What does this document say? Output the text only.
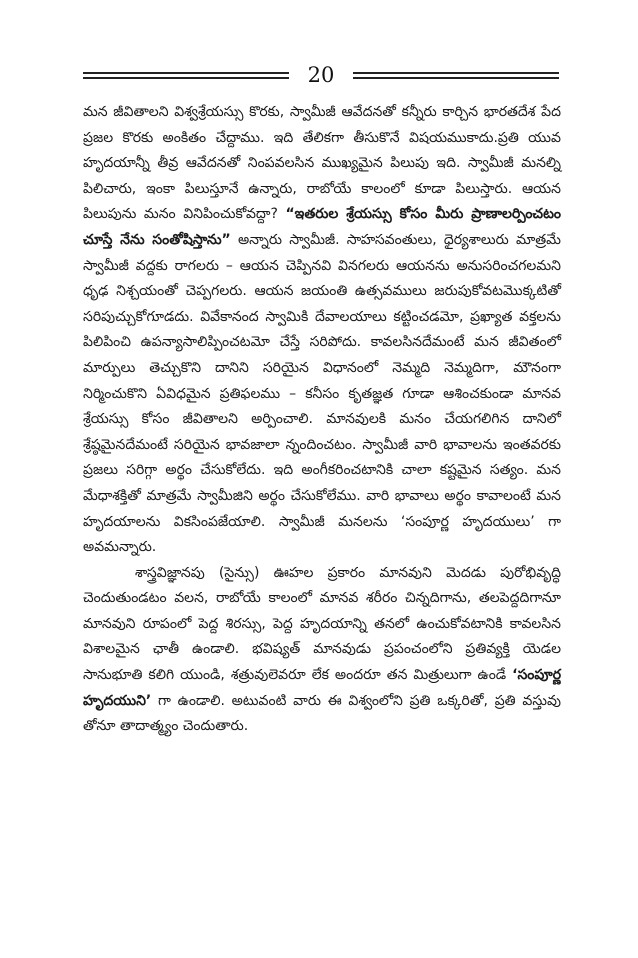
20

మన జీవితాలని విశ్వశ్రేయస్సు కొరకు, స్వామీజీ ఆవేదనతో కన్నీరు కార్చిన భారతదేశ పేద ప్రజల కొరకు అంకితం చేద్దాము. ఇది తేలికగా తీసుకొనే విషయముకాదు.ప్రతి యువ హృదయాన్నీ తీవ్ర ఆవేదనతో నింపవలసిన ముఖ్యమైన పిలుపు ఇది. స్వామీజీ మనల్ని పిలిచారు, ఇంకా పిలుస్తూనే ఉన్నారు, రాబోయే కాలంలో కూడా పిలుస్తారు. ఆయన పిలుపును మనం వినిపించుకోవద్దా? “ఇతరుల శ్రేయస్సు కోసం మీరు ప్రాణాలర్పించటం చూస్తే నేను సంతోషిస్తాను” అన్నారు స్వామీజీ. సాహసవంతులు, ధైర్యశాలురు మాత్రమే స్వామీజీ వద్దకు రాగలరు – ఆయన చెప్పినవి వినగలరు ఆయనను అనుసరించగలమని ధృఢ నిశ్చయంతో చెప్పగలరు. ఆయన జయంతి ఉత్సవములు జరుపుకోవటమొక్కటితో సరిపుచ్చుకోగూడదు. వివేకానంద స్వామికి దేవాలయాలు కట్టించడమో, ప్రఖ్యాత వక్తలను పిలిపించి ఉపన్యాసాలిప్పించటమో చేస్తే సరిపోదు. కావలసినదేమంటే మన జీవితంలో మార్పులు తెచ్చుకొని దానిని సరియైన విధానంలో నెమ్మది నెమ్మదిగా, మౌనంగా నిర్మించుకొని ఏవిధమైన ప్రతిఫలము – కనీసం కృతజ్ఞత గూడా ఆశించకుండా మానవ శ్రేయస్సు కోసం జీవితాలని అర్పించాలి. మానవులకి మనం చేయగలిగిన దానిలో శ్రేష్ఠమైనదేమంటే సరియైన భావజాలా న్నందించటం. స్వామీజీ వారి భావాలను ఇంతవరకు ప్రజలు సరిగ్గా అర్థం చేసుకోలేదు. ఇది అంగీకరించటానికి చాలా కష్టమైన సత్యం. మన మేధాశక్తితో మాత్రమే స్వామీజిని అర్థం చేసుకోలేము. వారి భావాలు అర్థం కావాలంటే మన హృదయాలను వికసింపజేయాలి. స్వామీజీ మనలను ‘సంపూర్ణ హృదయులు’ గా అవమన్నారు.

శాస్త్రవిజ్ఞానపు (సైన్సు) ఊహల ప్రకారం మానవుని మెదడు పురోభివృద్ధి చెందుతుండటం వలన, రాబోయే కాలంలో మానవ శరీరం చిన్నదిగాను, తలపెద్దదిగానూ మానవుని రూపంలో పెద్ద శిరస్సు, పెద్ద హృదయాన్ని తనలో ఉంచుకోవటానికి కావలసిన విశాలమైన ఛాతీ ఉండాలి. భవిష్యత్ మానవుడు ప్రపంచంలోని ప్రతివ్యక్తి యెడల సానుభూతి కలిగి యుండి, శత్రువులెవరూ లేక అందరూ తన మిత్రులుగా ఉండే ‘సంపూర్ణ హృదయుని’ గా ఉండాలి. అటువంటి వారు ఈ విశ్వంలోని ప్రతి ఒక్కరితో, ప్రతి వస్తువు తోనూ తాదాత్మ్యం చెందుతారు.
